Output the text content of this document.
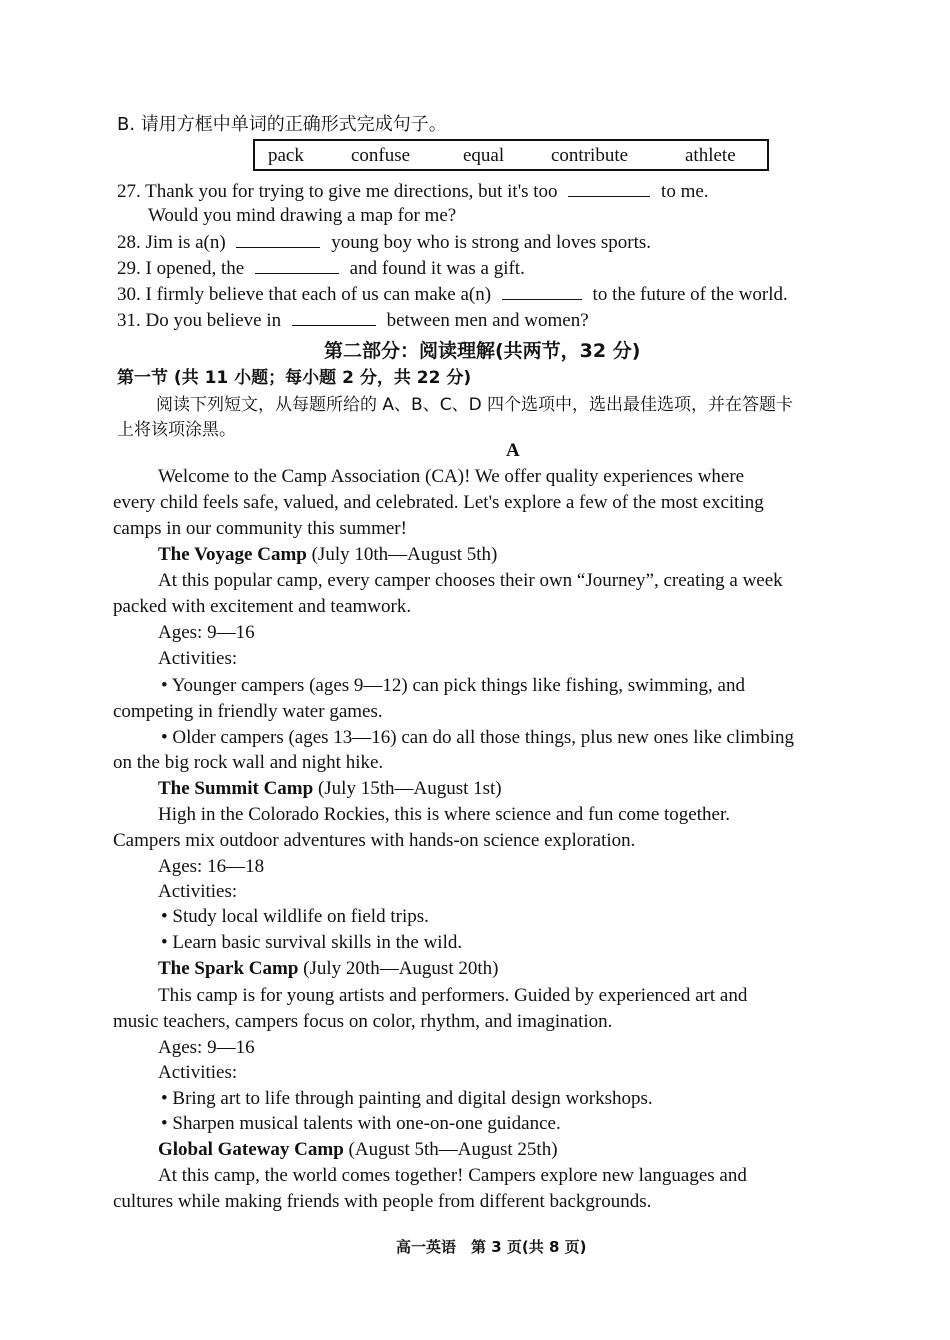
B. 请用方框中单词的正确形式完成句子。
pack confuse	equal contribute	athlete
27. Thank you for trying to give me directions, but it's too	to me.
Would you mind drawing a map for me?
28. Jim is a(n)	young boy who is strong and loves sports.
29. I opened, the	and found it was a gift.
30. I firmly believe that each of us can make a(n)	to the future of the world.
31. Do you believe in	between men and women?
第二部分：阅读理解(共两节，32 分)
第一节 (共 11 小题；每小题 2 分，共 22 分)
阅读下列短文，从每题所给的 A、B、C、D 四个选项中，选出最佳选项，并在答题卡
上将该项涂黑。
A
Welcome to the Camp Association (CA)! We offer quality experiences where
every child feels safe, valued, and celebrated. Let's explore a few of the most exciting
camps in our community this summer!
The Voyage Camp (July 10th—August 5th)
At this popular camp, every camper chooses their own “Journey”, creating a week
packed with excitement and teamwork.
Ages: 9—16
Activities:
• Younger campers (ages 9—12) can pick things like fishing, swimming, and
competing in friendly water games.
• Older campers (ages 13—16) can do all those things, plus new ones like climbing
on the big rock wall and night hike.
The Summit Camp (July 15th—August 1st)
High in the Colorado Rockies, this is where science and fun come together.
Campers mix outdoor adventures with hands-on science exploration.
Ages: 16—18
Activities:
• Study local wildlife on field trips.
• Learn basic survival skills in the wild.
The Spark Camp (July 20th—August 20th)
This camp is for young artists and performers. Guided by experienced art and
music teachers, campers focus on color, rhythm, and imagination.
Ages: 9—16
Activities:
• Bring art to life through painting and digital design workshops.
• Sharpen musical talents with one-on-one guidance.
Global Gateway Camp (August 5th—August 25th)
At this camp, the world comes together! Campers explore new languages and
cultures while making friends with people from different backgrounds.
高一英语　第 3 页(共 8 页)
